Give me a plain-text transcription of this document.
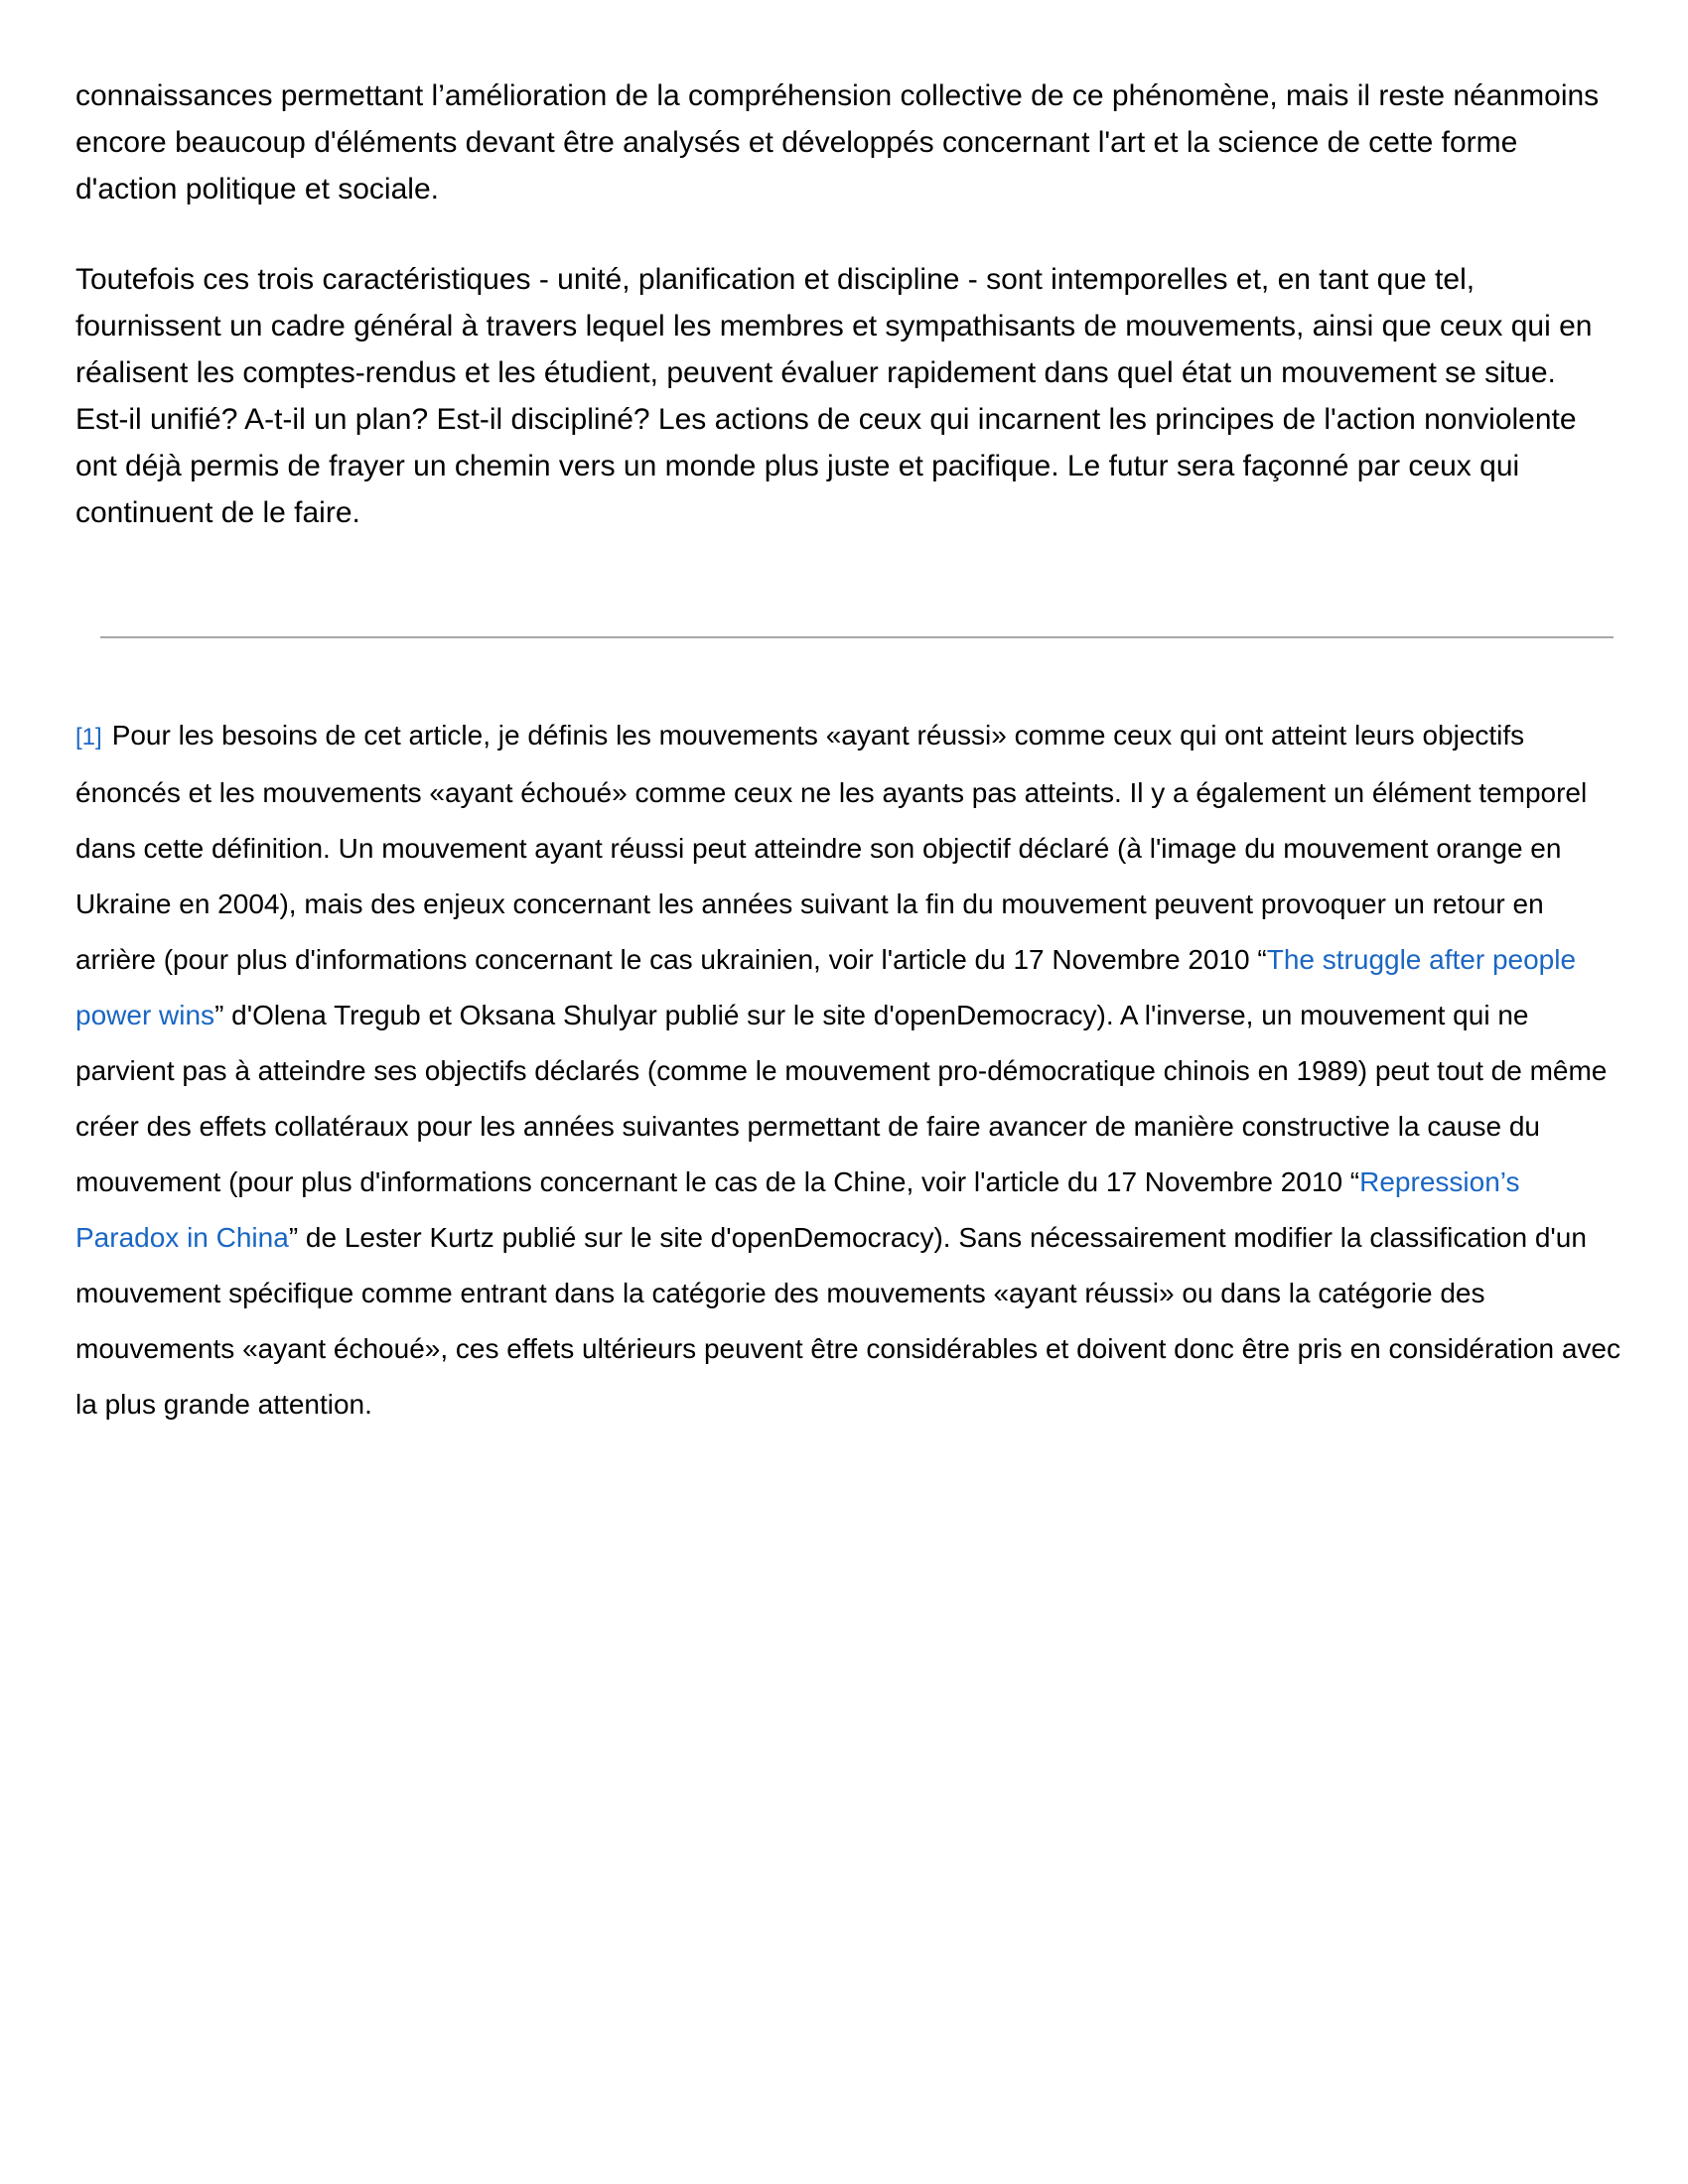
connaissances permettant l’amélioration de la compréhension collective de ce phénomène, mais il reste néanmoins encore beaucoup d'éléments devant être analysés et développés concernant l'art et la science de cette forme d'action politique et sociale.

Toutefois ces trois caractéristiques - unité, planification et discipline - sont intemporelles et, en tant que tel, fournissent un cadre général à travers lequel les membres et sympathisants de mouvements, ainsi que ceux qui en réalisent les comptes-rendus et les étudient, peuvent évaluer rapidement dans quel état un mouvement se situe. Est-il unifié? A-t-il un plan? Est-il discipliné? Les actions de ceux qui incarnent les principes de l'action nonviolente ont déjà permis de frayer un chemin vers un monde plus juste et pacifique. Le futur sera façonné par ceux qui continuent de le faire.

[1] Pour les besoins de cet article, je définis les mouvements «ayant réussi» comme ceux qui ont atteint leurs objectifs énoncés et les mouvements «ayant échoué» comme ceux ne les ayants pas atteints. Il y a également un élément temporel dans cette définition. Un mouvement ayant réussi peut atteindre son objectif déclaré (à l'image du mouvement orange en Ukraine en 2004), mais des enjeux concernant les années suivant la fin du mouvement peuvent provoquer un retour en arrière (pour plus d'informations concernant le cas ukrainien, voir l'article du 17 Novembre 2010 “The struggle after people power wins” d'Olena Tregub et Oksana Shulyar publié sur le site d'openDemocracy). A l'inverse, un mouvement qui ne parvient pas à atteindre ses objectifs déclarés (comme le mouvement pro-démocratique chinois en 1989) peut tout de même créer des effets collatéraux pour les années suivantes permettant de faire avancer de manière constructive la cause du mouvement (pour plus d'informations concernant le cas de la Chine, voir l'article du 17 Novembre 2010 “Repression’s Paradox in China” de Lester Kurtz publié sur le site d'openDemocracy). Sans nécessairement modifier la classification d'un mouvement spécifique comme entrant dans la catégorie des mouvements «ayant réussi» ou dans la catégorie des mouvements «ayant échoué», ces effets ultérieurs peuvent être considérables et doivent donc être pris en considération avec la plus grande attention.
